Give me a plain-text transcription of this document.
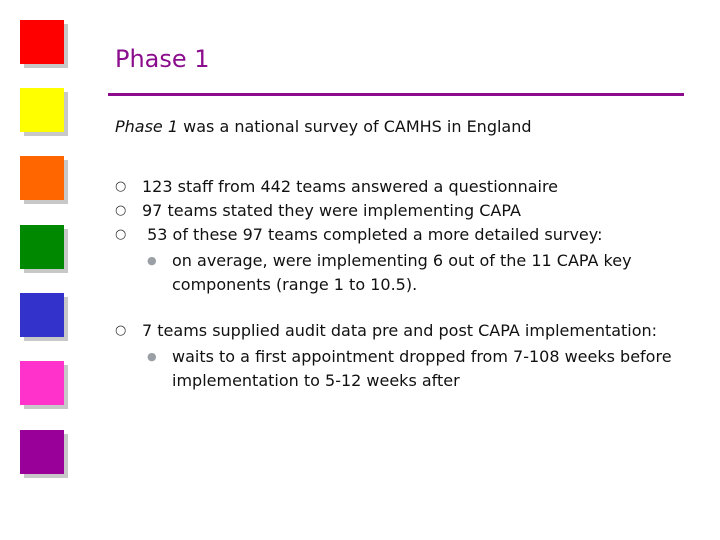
Phase 1
Phase 1 was a national survey of CAMHS in England
○ 123 staff from 442 teams answered a questionnaire
○ 97 teams stated they were implementing CAPA
○ 53 of these 97 teams completed a more detailed survey:
● on average, were implementing 6 out of the 11 CAPA key components (range 1 to 10.5).
○ 7 teams supplied audit data pre and post CAPA implementation:
● waits to a first appointment dropped from 7-108 weeks before implementation to 5-12 weeks after
